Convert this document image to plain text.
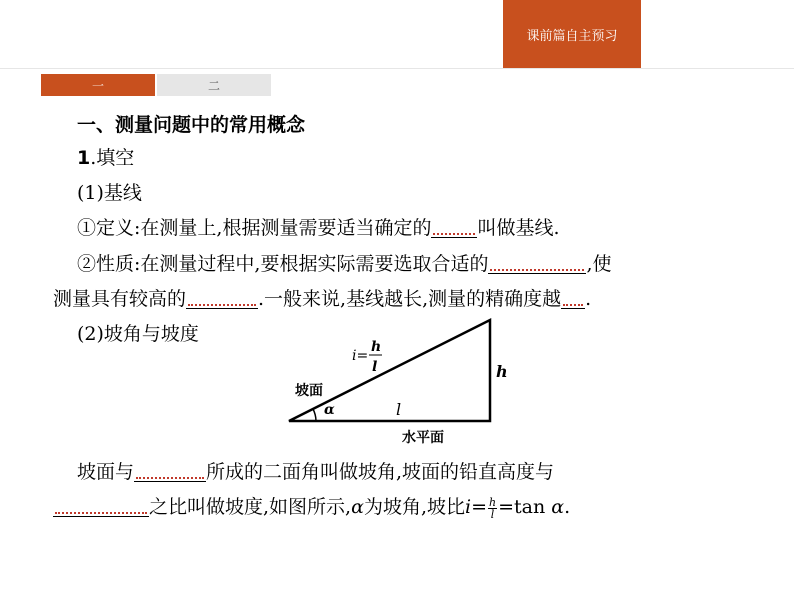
课前篇自主预习
一	二
一、测量问题中的常用概念
1.填空
(1)基线
①定义:在测量上,根据测量需要适当确定的 叫做基线.
②性质:在测量过程中,要根据实际需要选取合适的	,使
测量具有较高的	.一般来说,基线越长,测量的精确度越 .
(2)坡角与坡度
i=
h
l	h
坡面
α	l
水平面
坡面与	所成的二面角叫做坡角,坡面的铅直高度与
之比叫做坡度,如图所示,α为坡角,坡比$i= \frac{h}{l} =\tan$ α.
